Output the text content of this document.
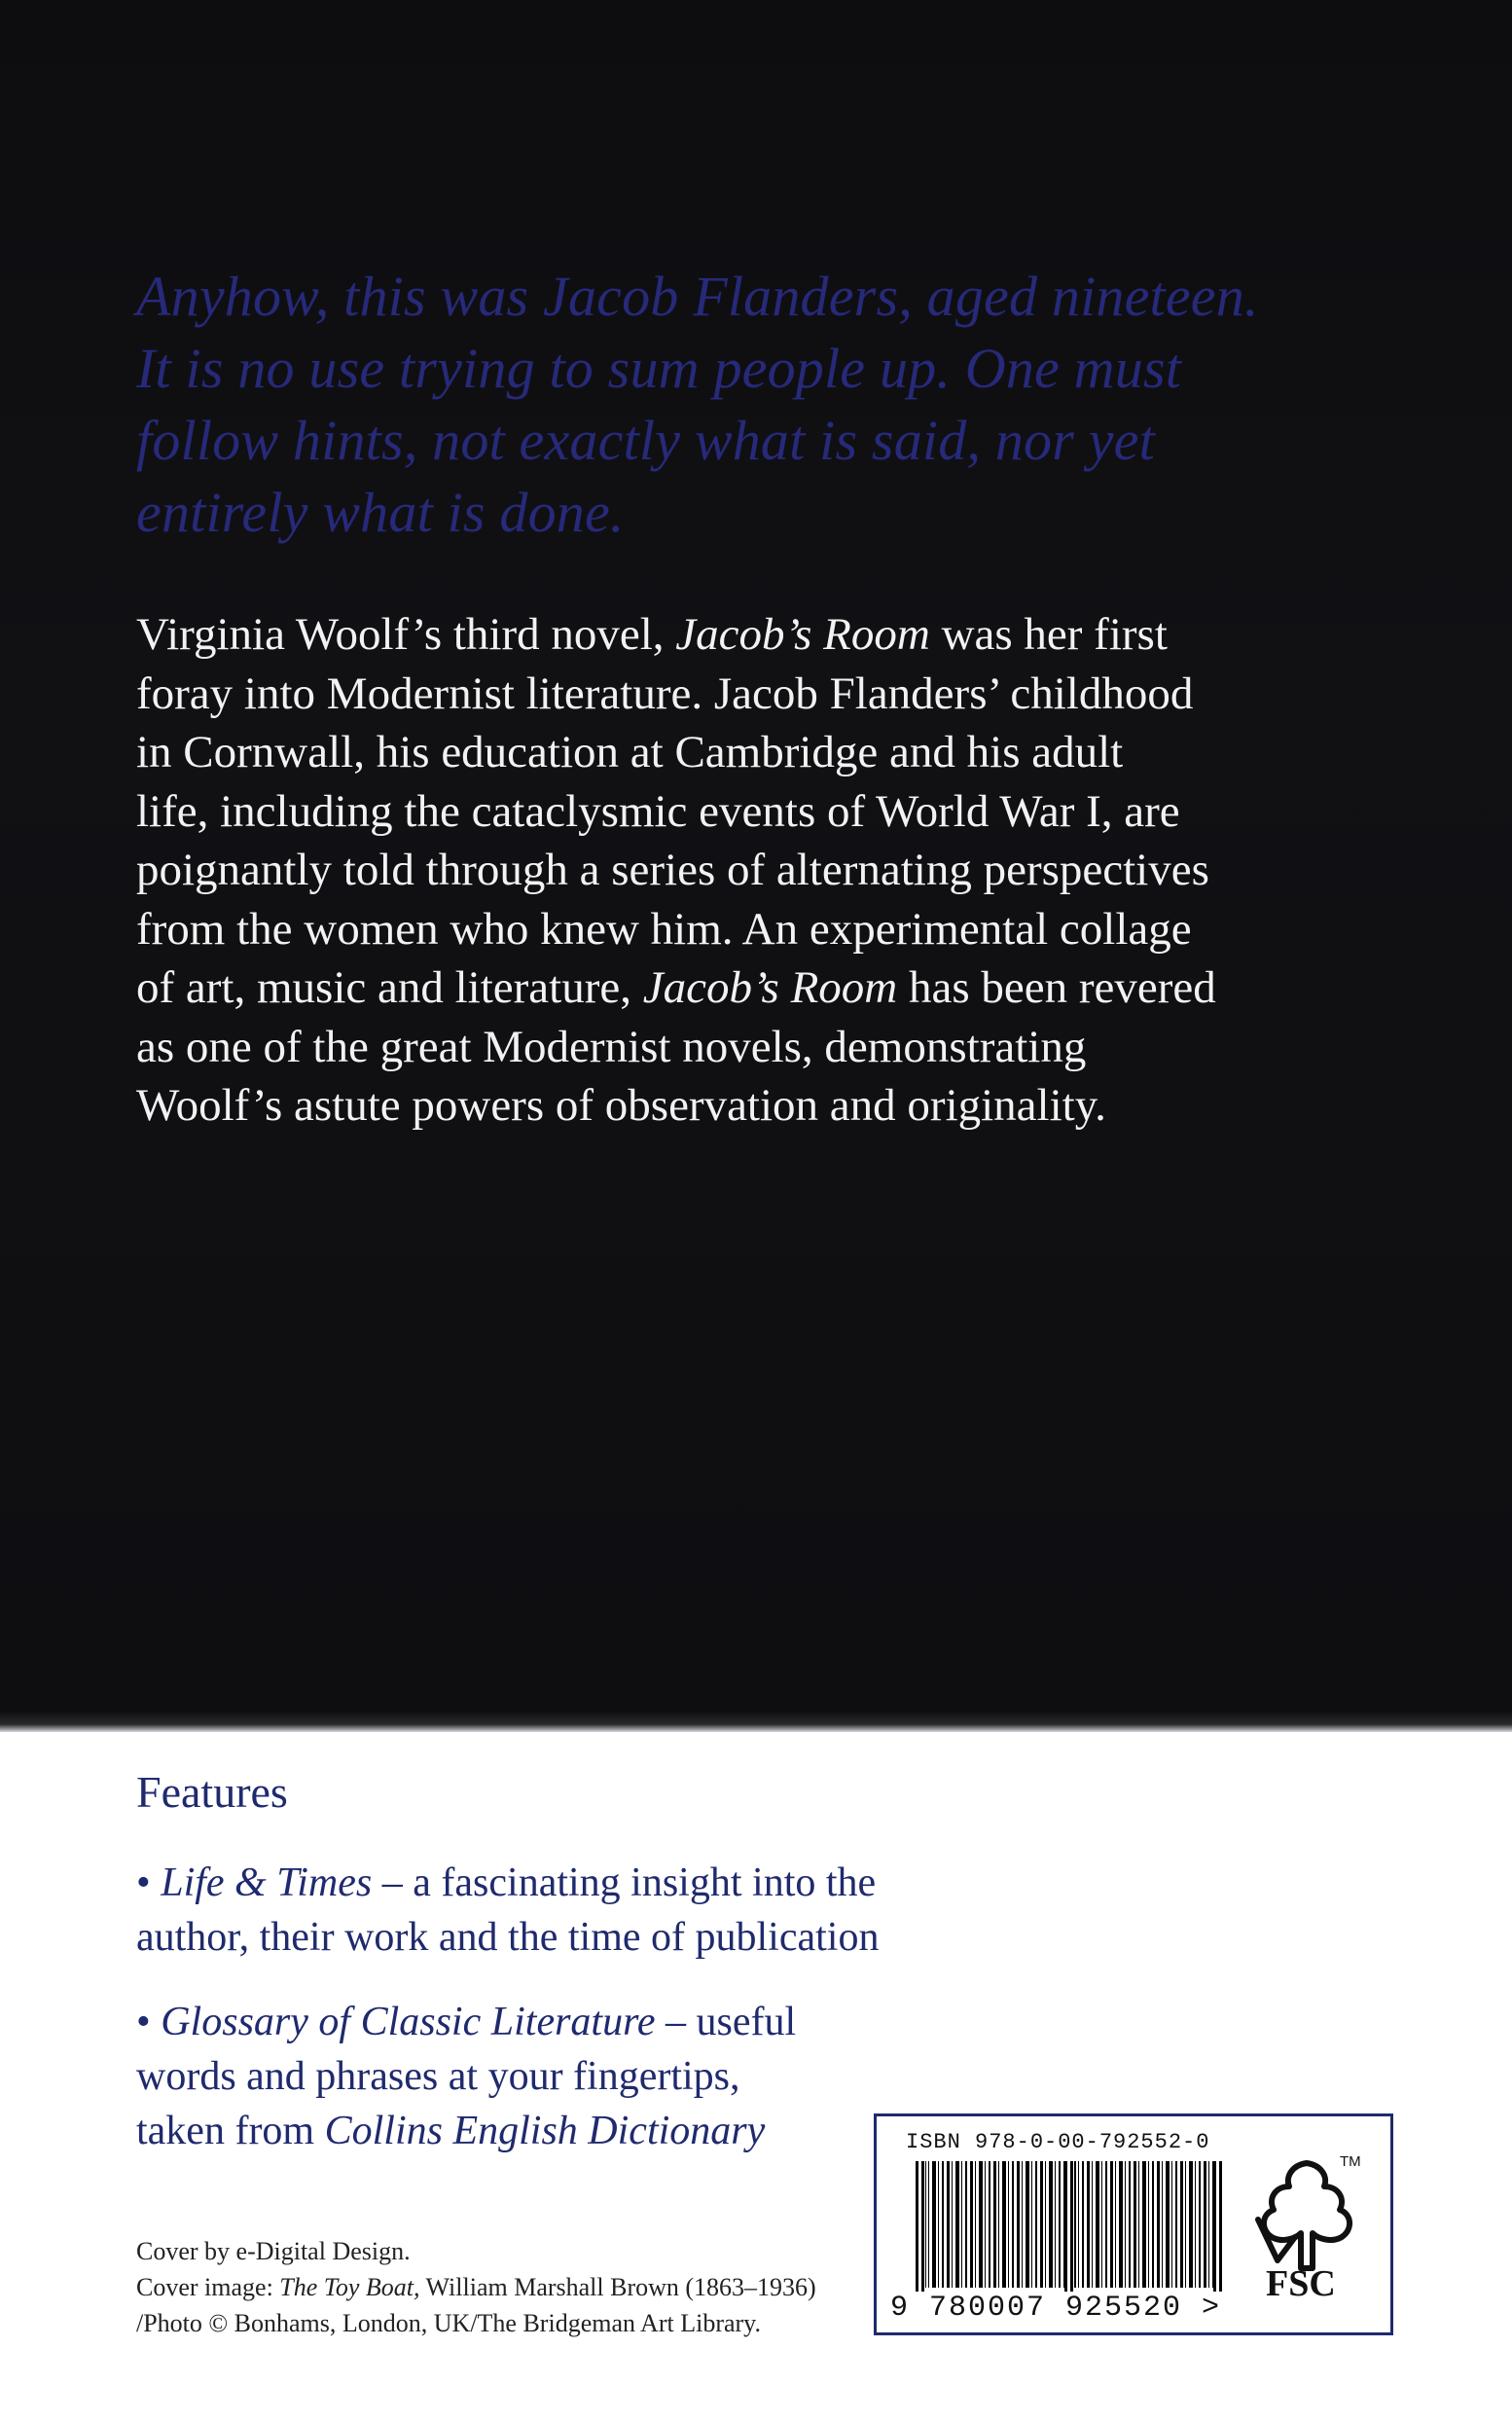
Anyhow, this was Jacob Flanders, aged nineteen.
It is no use trying to sum people up. One must
follow hints, not exactly what is said, nor yet
entirely what is done.
Virginia Woolf’s third novel, Jacob’s Room was her first
foray into Modernist literature. Jacob Flanders’ childhood
in Cornwall, his education at Cambridge and his adult
life, including the cataclysmic events of World War I, are
poignantly told through a series of alternating perspectives
from the women who knew him. An experimental collage
of art, music and literature, Jacob’s Room has been revered
as one of the great Modernist novels, demonstrating
Woolf’s astute powers of observation and originality.
Features
• Life & Times – a fascinating insight into the
author, their work and the time of publication
• Glossary of Classic Literature – useful
words and phrases at your fingertips,
taken from Collins English Dictionary
Cover by e-Digital Design.
Cover image: The Toy Boat, William Marshall Brown (1863–1936)
/Photo © Bonhams, London, UK/The Bridgeman Art Library.
ISBN 978-0-00-792552-0
9 780007 925520 >
TM
FSC
